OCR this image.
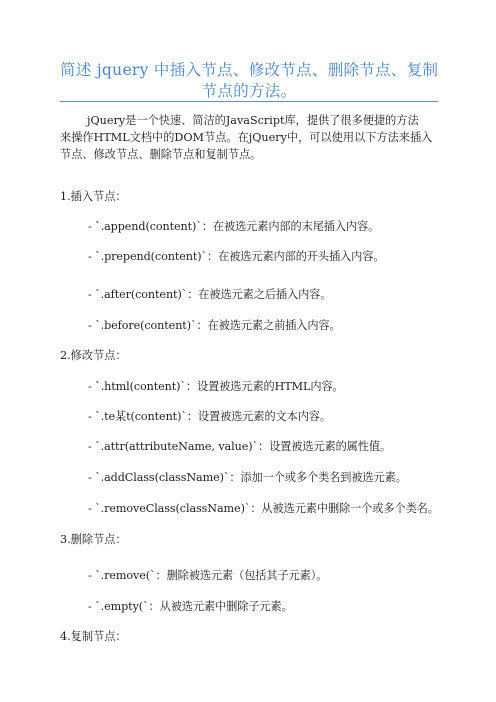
简述 jquery 中插入节点、修改节点、删除节点、复制
节点的方法。
jQuery是一个快速、简洁的JavaScript库，提供了很多便捷的方法
来操作HTML文档中的DOM节点。在jQuery中，可以使用以下方法来插入
节点、修改节点、删除节点和复制节点。
1.插入节点：
- `.append(content)`：在被选元素内部的末尾插入内容。
- `.prepend(content)`：在被选元素内部的开头插入内容。
- `.after(content)`：在被选元素之后插入内容。
- `.before(content)`：在被选元素之前插入内容。
2.修改节点：
- `.html(content)`：设置被选元素的HTML内容。
- `.te某t(content)`：设置被选元素的文本内容。
- `.attr(attributeName, value)`：设置被选元素的属性值。
- `.addClass(className)`：添加一个或多个类名到被选元素。
- `.removeClass(className)`：从被选元素中删除一个或多个类名。
3.删除节点：
- `.remove(`：删除被选元素（包括其子元素）。
- `.empty(`：从被选元素中删除子元素。
4.复制节点：
